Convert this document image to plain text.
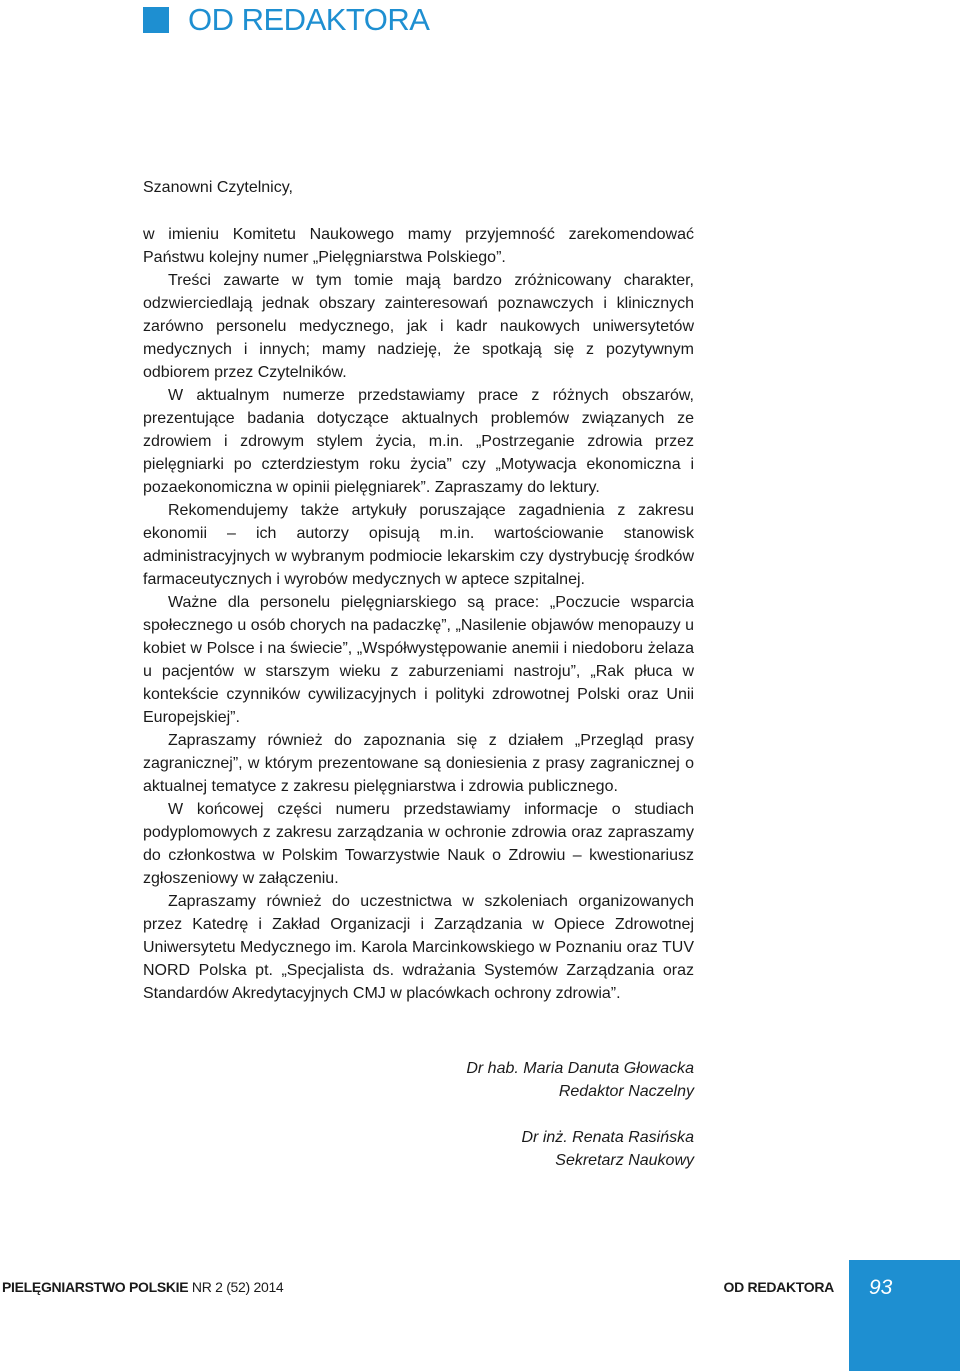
OD REDAKTORA

Szanowni Czytelnicy,

w imieniu Komitetu Naukowego mamy przyjemność zarekomendować Państwu kolejny numer „Pielęgniarstwa Polskiego”.

Treści zawarte w tym tomie mają bardzo zróżnicowany charakter, odzwierciedlają jednak obszary zainteresowań poznawczych i klinicznych zarówno personelu medycznego, jak i kadr naukowych uniwersytetów medycznych i innych; mamy nadzieję, że spotkają się z pozytywnym odbiorem przez Czytelników.

W aktualnym numerze przedstawiamy prace z różnych obszarów, prezentujące badania dotyczące aktualnych problemów związanych ze zdrowiem i zdrowym stylem życia, m.in. „Postrzeganie zdrowia przez pielęgniarki po czterdziestym roku życia” czy „Motywacja ekonomiczna i pozaekonomiczna w opinii pielęgniarek”. Zapraszamy do lektury.

Rekomendujemy także artykuły poruszające zagadnienia z zakresu ekonomii – ich autorzy opisują m.in. wartościowanie stanowisk administracyjnych w wybranym podmiocie lekarskim czy dystrybucję środków farmaceutycznych i wyrobów medycznych w aptece szpitalnej.

Ważne dla personelu pielęgniarskiego są prace: „Poczucie wsparcia społecznego u osób chorych na padaczkę”, „Nasilenie objawów menopauzy u kobiet w Polsce i na świecie”, „Współwystępowanie anemii i niedoboru żelaza u pacjentów w starszym wieku z zaburzeniami nastroju”, „Rak płuca w kontekście czynników cywilizacyjnych i polityki zdrowotnej Polski oraz Unii Europejskiej”.

Zapraszamy również do zapoznania się z działem „Przegląd prasy zagranicznej”, w którym prezentowane są doniesienia z prasy zagranicznej o aktualnej tematyce z zakresu pielęgniarstwa i zdrowia publicznego.

W końcowej części numeru przedstawiamy informacje o studiach podyplomowych z zakresu zarządzania w ochronie zdrowia oraz zapraszamy do członkostwa w Polskim Towarzystwie Nauk o Zdrowiu – kwestionariusz zgłoszeniowy w załączeniu.

Zapraszamy również do uczestnictwa w szkoleniach organizowanych przez Katedrę i Zakład Organizacji i Zarządzania w Opiece Zdrowotnej Uniwersytetu Medycznego im. Karola Marcinkowskiego w Poznaniu oraz TUV NORD Polska pt. „Specjalista ds. wdrażania Systemów Zarządzania oraz Standardów Akredytacyjnych CMJ w placówkach ochrony zdrowia”.

Dr hab. Maria Danuta Głowacka
Redaktor Naczelny
Dr inż. Renata Rasińska
Sekretarz Naukowy
PIELĘGNIARSTWO POLSKIE NR 2 (52) 2014	OD REDAKTORA 93
